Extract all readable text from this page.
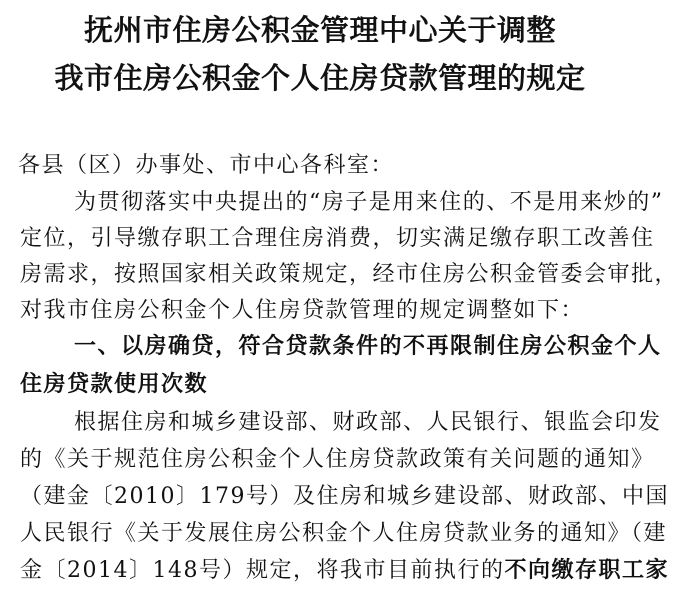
抚州市住房公积金管理中心关于调整
我市住房公积金个人住房贷款管理的规定
各县（区）办事处、市中心各科室：
为贯彻落实中央提出的“房子是用来住的、不是用来炒的”
定位，引导缴存职工合理住房消费，切实满足缴存职工改善住
房需求，按照国家相关政策规定，经市住房公积金管委会审批，
对我市住房公积金个人住房贷款管理的规定调整如下：
一、以房确贷，符合贷款条件的不再限制住房公积金个人
住房贷款使用次数
根据住房和城乡建设部、财政部、人民银行、银监会印发
的《关于规范住房公积金个人住房贷款政策有关问题的通知》
（建金〔2010〕179号）及住房和城乡建设部、财政部、中国
人民银行《关于发展住房公积金个人住房贷款业务的通知》（建
金〔2014〕148号）规定，将我市目前执行的不向缴存职工家
